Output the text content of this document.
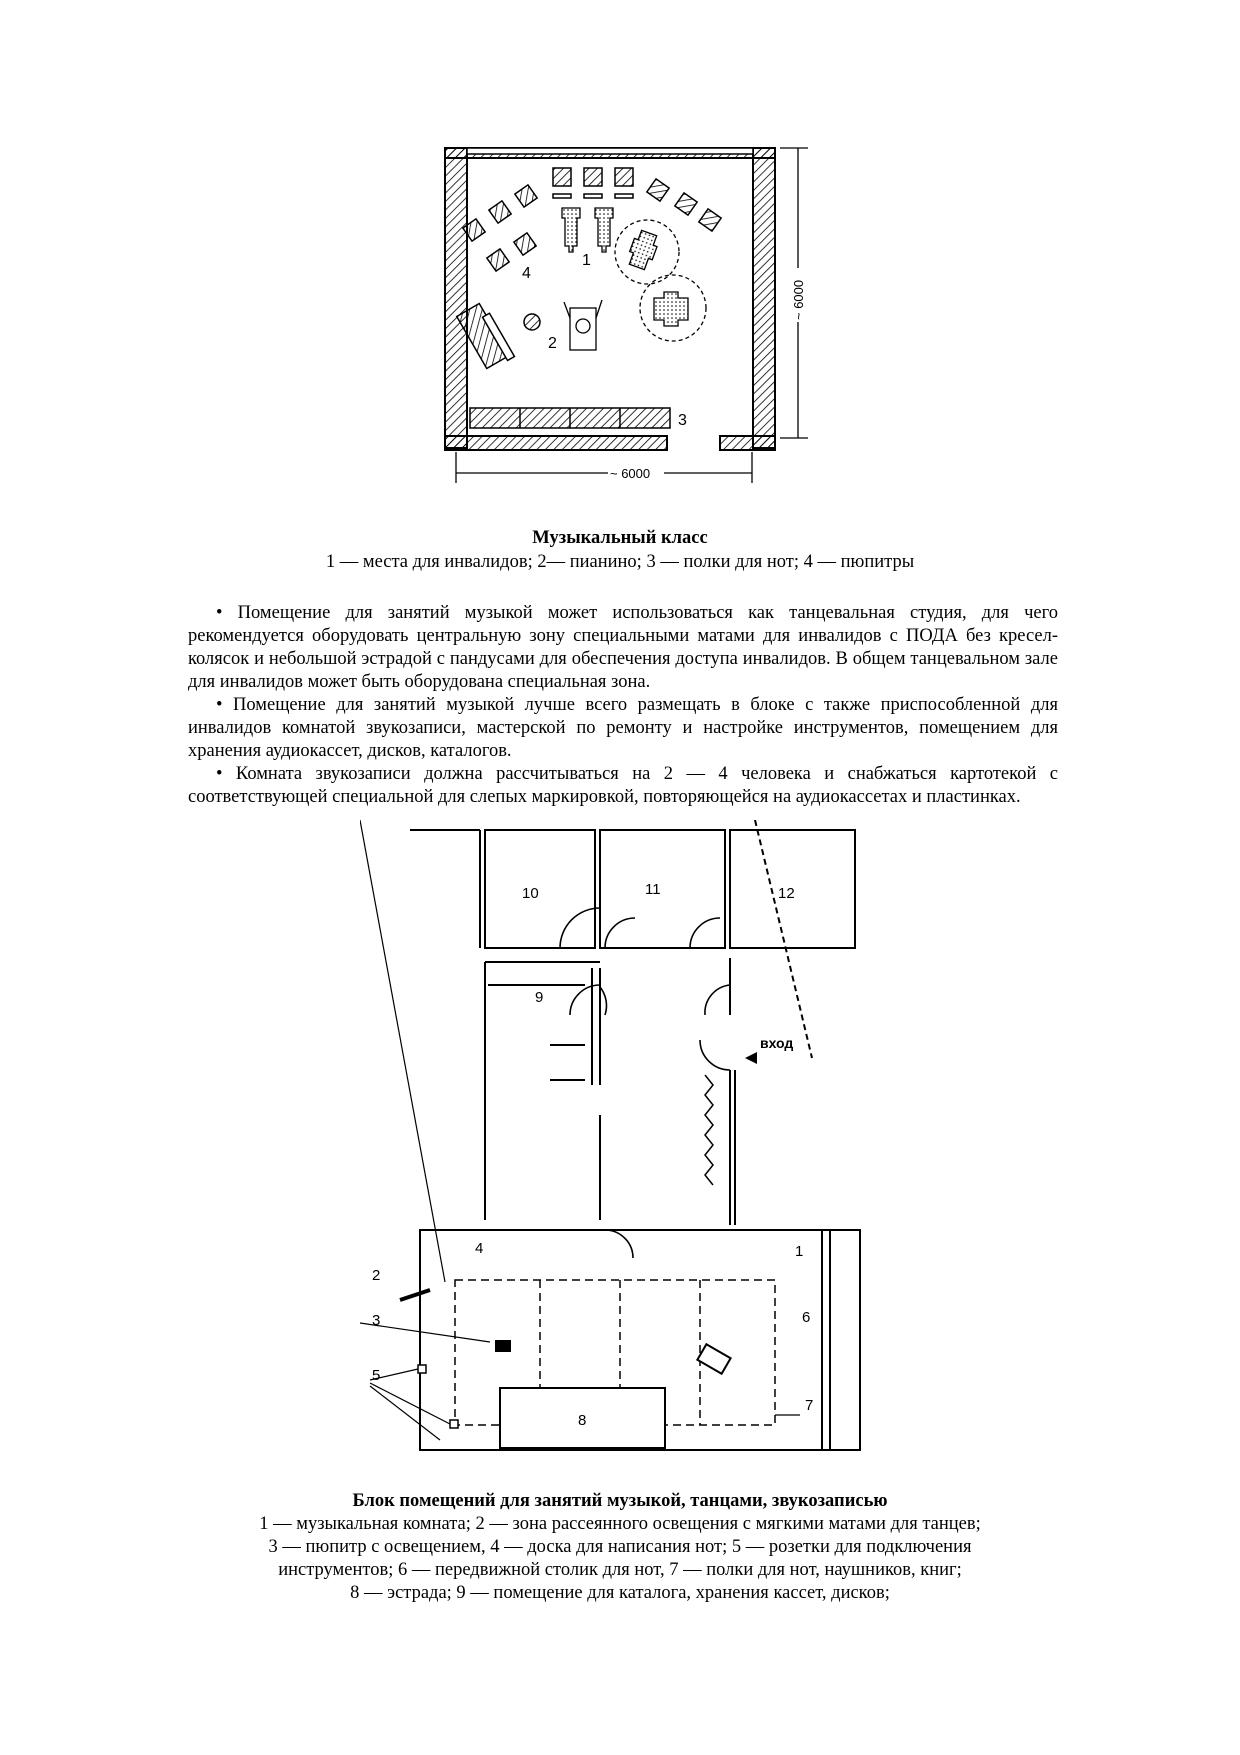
1
2
3
4
~ 6000
~ 6000
Музыкальный класс
1 — места для инвалидов; 2— пианино; 3 — полки для нот; 4 — пюпитры

• Помещение для занятий музыкой может использоваться как танцевальная студия, для чего рекомендуется оборудовать центральную зону специальными матами для инвалидов с ПОДА без кресел-колясок и небольшой эстрадой с пандусами для обеспечения доступа инвалидов. В общем танцевальном зале для инвалидов может быть оборудована специальная зона.

• Помещение для занятий музыкой лучше всего размещать в блоке с также приспособленной для инвалидов комнатой звукозаписи, мастерской по ремонту и настройке инструментов, помещением для хранения аудиокассет, дисков, каталогов.

• Комната звукозаписи должна рассчитываться на 2 — 4 человека и снабжаться картотекой с соответствующей специальной для слепых маркировкой, повторяющейся на аудиокассетах и пластинках.

вход
10	11	12
9
4	1
2
3
5
6
7
8
Блок помещений для занятий музыкой, танцами, звукозаписью
1 — музыкальная комната; 2 — зона рассеянного освещения с мягкими матами для танцев;
3 — пюпитр с освещением, 4 — доска для написания нот; 5 — розетки для подключения
инструментов; 6 — передвижной столик для нот, 7 — полки для нот, наушников, книг;
8 — эстрада; 9 — помещение для каталога, хранения кассет, дисков;
